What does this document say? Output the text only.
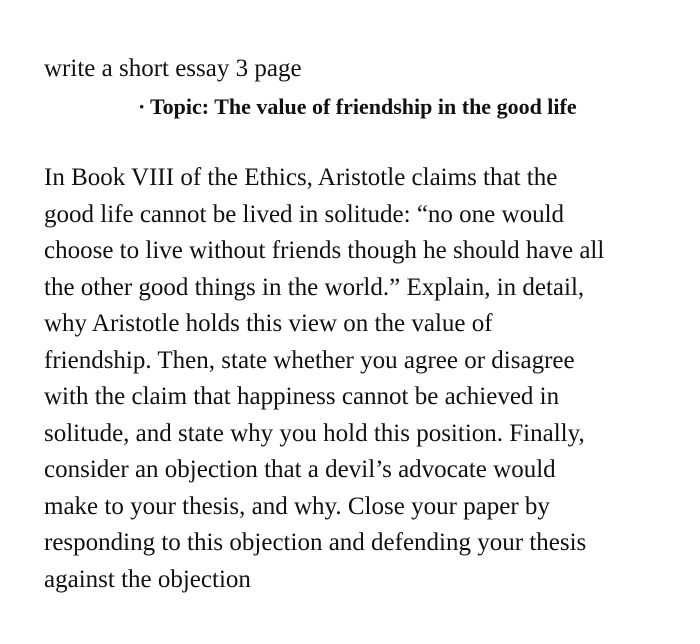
write a short essay 3 page

· Topic: The value of friendship in the good life

In Book VIII of the Ethics, Aristotle claims that the
good life cannot be lived in solitude: “no one would
choose to live without friends though he should have all
the other good things in the world.” Explain, in detail,
why Aristotle holds this view on the value of
friendship. Then, state whether you agree or disagree
with the claim that happiness cannot be achieved in
solitude, and state why you hold this position. Finally,
consider an objection that a devil’s advocate would
make to your thesis, and why. Close your paper by
responding to this objection and defending your thesis
against the objection
